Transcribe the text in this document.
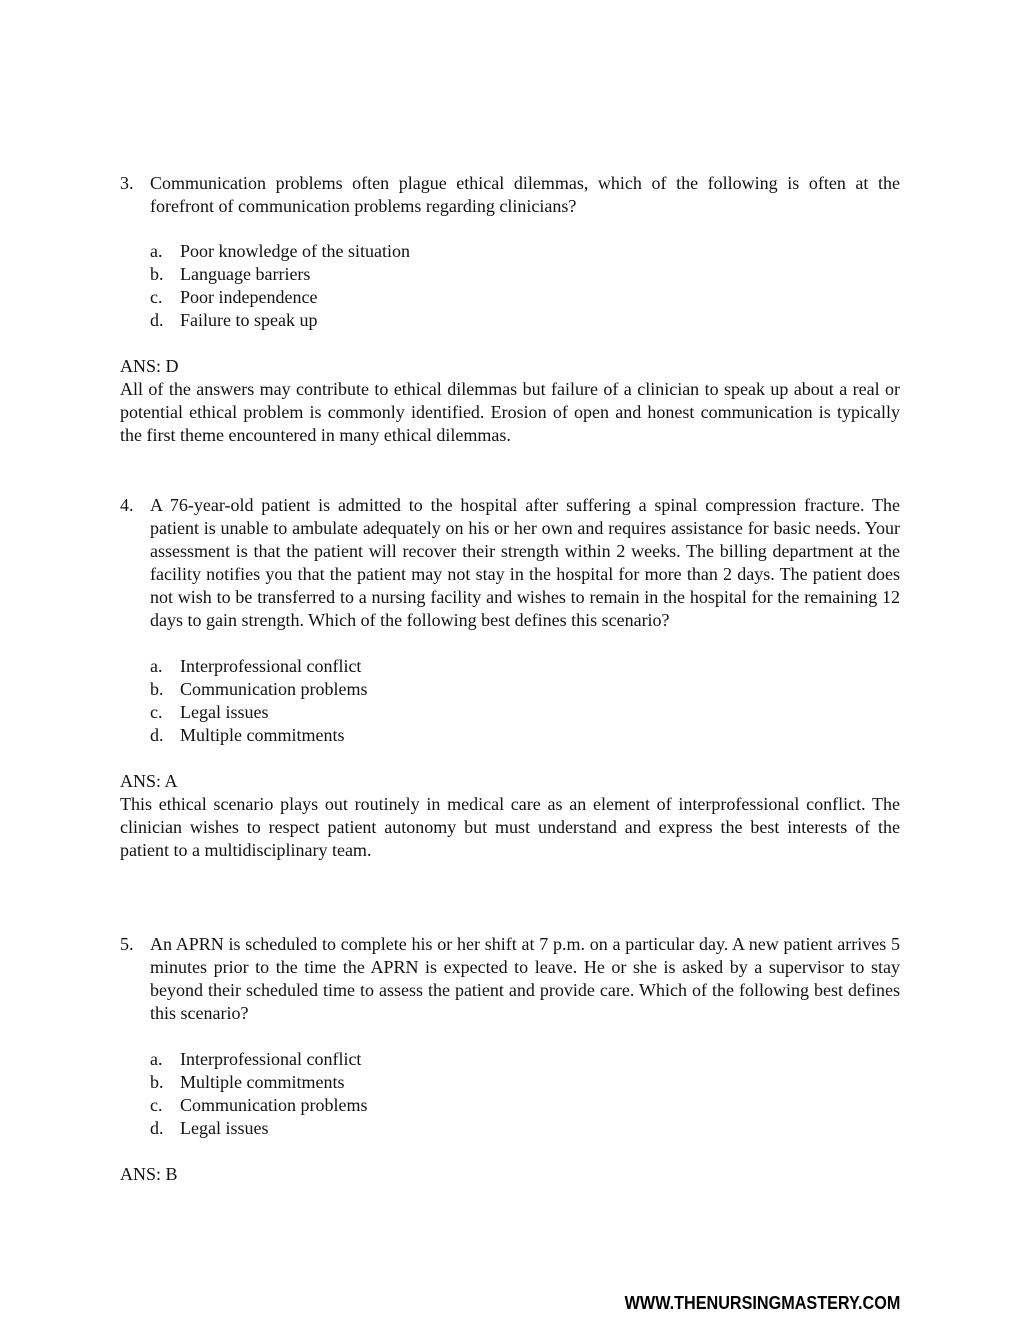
3. Communication problems often plague ethical dilemmas, which of the following is often at the forefront of communication problems regarding clinicians?
a. Poor knowledge of the situation
b. Language barriers
c. Poor independence
d. Failure to speak up
ANS: D
All of the answers may contribute to ethical dilemmas but failure of a clinician to speak up about a real or potential ethical problem is commonly identified. Erosion of open and honest communication is typically the first theme encountered in many ethical dilemmas.
4. A 76-year-old patient is admitted to the hospital after suffering a spinal compression fracture. The patient is unable to ambulate adequately on his or her own and requires assistance for basic needs. Your assessment is that the patient will recover their strength within 2 weeks. The billing department at the facility notifies you that the patient may not stay in the hospital for more than 2 days. The patient does not wish to be transferred to a nursing facility and wishes to remain in the hospital for the remaining 12 days to gain strength. Which of the following best defines this scenario?
a. Interprofessional conflict
b. Communication problems
c. Legal issues
d. Multiple commitments
ANS: A
This ethical scenario plays out routinely in medical care as an element of interprofessional conflict. The clinician wishes to respect patient autonomy but must understand and express the best interests of the patient to a multidisciplinary team.
5. An APRN is scheduled to complete his or her shift at 7 p.m. on a particular day. A new patient arrives 5 minutes prior to the time the APRN is expected to leave. He or she is asked by a supervisor to stay beyond their scheduled time to assess the patient and provide care. Which of the following best defines this scenario?
a. Interprofessional conflict
b. Multiple commitments
c. Communication problems
d. Legal issues
ANS: B
WWW.THENURSINGMASTERY.COM
